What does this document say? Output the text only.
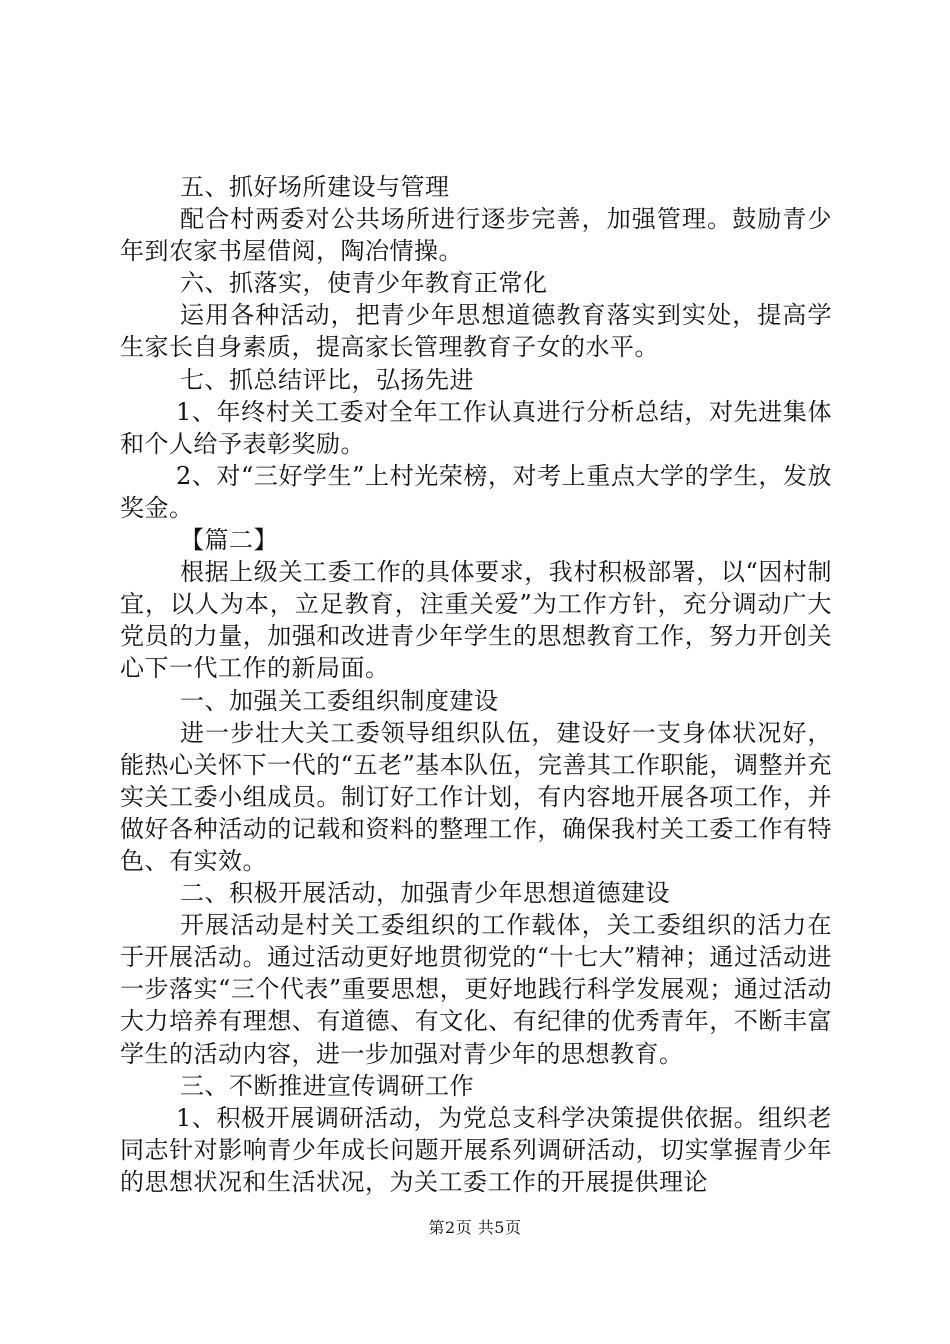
五、抓好场所建设与管理

配合村两委对公共场所进行逐步完善，加强管理。鼓励青少年到农家书屋借阅，陶冶情操。

六、抓落实，使青少年教育正常化

运用各种活动，把青少年思想道德教育落实到实处，提高学生家长自身素质，提高家长管理教育子女的水平。

七、抓总结评比，弘扬先进

1、年终村关工委对全年工作认真进行分析总结，对先进集体和个人给予表彰奖励。

2、对“三好学生”上村光荣榜，对考上重点大学的学生，发放奖金。

【篇二】

根据上级关工委工作的具体要求，我村积极部署，以“因村制宜，以人为本，立足教育，注重关爱”为工作方针，充分调动广大党员的力量，加强和改进青少年学生的思想教育工作，努力开创关心下一代工作的新局面。

一、加强关工委组织制度建设

进一步壮大关工委领导组织队伍，建设好一支身体状况好，能热心关怀下一代的“五老”基本队伍，完善其工作职能，调整并充实关工委小组成员。制订好工作计划，有内容地开展各项工作，并做好各种活动的记载和资料的整理工作，确保我村关工委工作有特色、有实效。

二、积极开展活动，加强青少年思想道德建设

开展活动是村关工委组织的工作载体，关工委组织的活力在于开展活动。通过活动更好地贯彻党的“十七大”精神；通过活动进一步落实“三个代表”重要思想，更好地践行科学发展观；通过活动大力培养有理想、有道德、有文化、有纪律的优秀青年，不断丰富学生的活动内容，进一步加强对青少年的思想教育。

三、不断推进宣传调研工作

1、积极开展调研活动，为党总支科学决策提供依据。组织老同志针对影响青少年成长问题开展系列调研活动，切实掌握青少年的思想状况和生活状况，为关工委工作的开展提供理论

第2页 共5页
